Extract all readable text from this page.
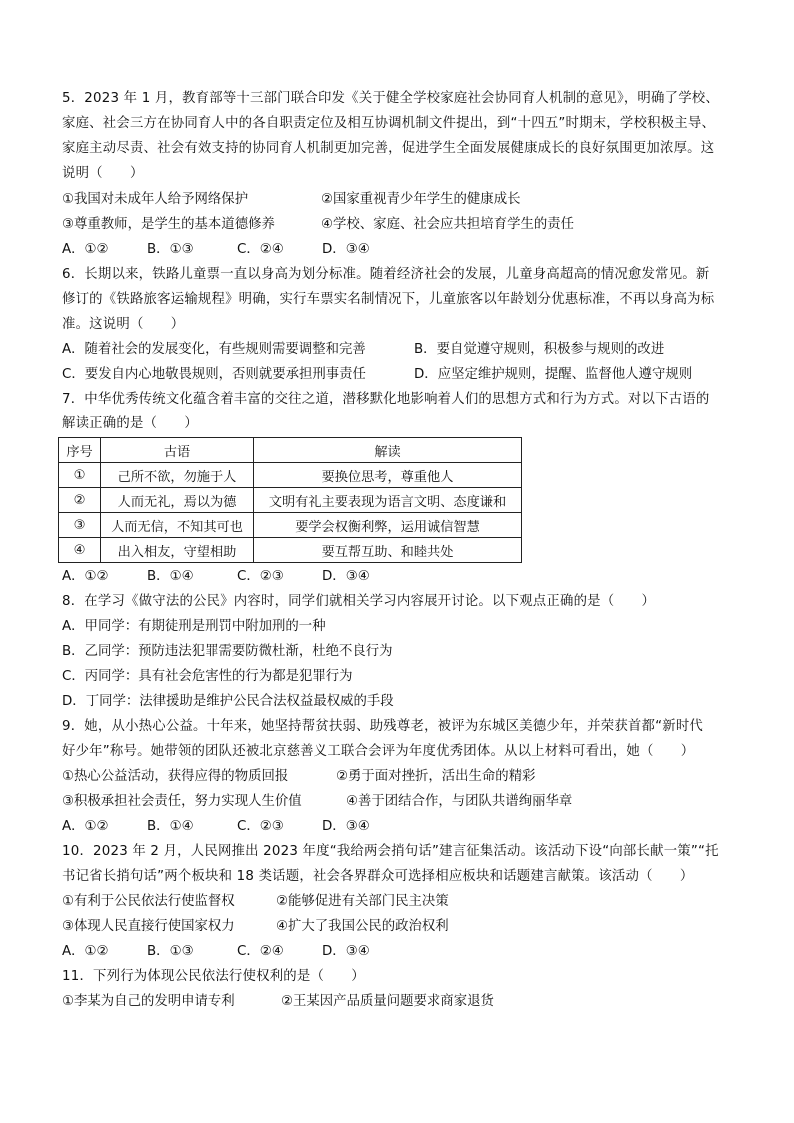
5．2023 年 1 月，教育部等十三部门联合印发《关于健全学校家庭社会协同育人机制的意见》，明确了学校、
家庭、社会三方在协同育人中的各自职责定位及相互协调机制文件提出，到“十四五”时期末，学校积极主导、
家庭主动尽责、社会有效支持的协同育人机制更加完善，促进学生全面发展健康成长的良好氛围更加浓厚。这
说明（　　）
①我国对未成年人给予网络保护	②国家重视青少年学生的健康成长
③尊重教师，是学生的基本道德修养	④学校、家庭、社会应共担培育学生的责任
A．①②	B．①③	C．②④	D．③④
6．长期以来，铁路儿童票一直以身高为划分标准。随着经济社会的发展，儿童身高超高的情况愈发常见。新
修订的《铁路旅客运输规程》明确，实行车票实名制情况下，儿童旅客以年龄划分优惠标准，不再以身高为标
准。这说明（　　）
A．随着社会的发展变化，有些规则需要调整和完善	B．要自觉遵守规则，积极参与规则的改进
C．要发自内心地敬畏规则，否则就要承担刑事责任	D．应坚定维护规则，提醒、监督他人遵守规则
7．中华优秀传统文化蕴含着丰富的交往之道，潜移默化地影响着人们的思想方式和行为方式。对以下古语的
解读正确的是（　　）
序号	古语	解读
①	己所不欲，勿施于人	要换位思考，尊重他人
②	人而无礼，焉以为德	文明有礼主要表现为语言文明、态度谦和
③	人而无信，不知其可也	要学会权衡利弊，运用诚信智慧
④	出入相友，守望相助	要互帮互助、和睦共处
A．①②	B．①④	C．②③	D．③④
8．在学习《做守法的公民》内容时，同学们就相关学习内容展开讨论。以下观点正确的是（　　）
A．甲同学：有期徒刑是刑罚中附加刑的一种
B．乙同学：预防违法犯罪需要防微杜渐，杜绝不良行为
C．丙同学：具有社会危害性的行为都是犯罪行为
D．丁同学：法律援助是维护公民合法权益最权威的手段
9．她，从小热心公益。十年来，她坚持帮贫扶弱、助残尊老，被评为东城区美德少年，并荣获首都“新时代
好少年”称号。她带领的团队还被北京慈善义工联合会评为年度优秀团体。从以上材料可看出，她（　　）
①热心公益活动，获得应得的物质回报	②勇于面对挫折，活出生命的精彩
③积极承担社会责任，努力实现人生价值	④善于团结合作，与团队共谱绚丽华章
A．①②	B．①④	C．②③	D．③④
10．2023 年 2 月，人民网推出 2023 年度“我给两会捎句话”建言征集活动。该活动下设“向部长献一策”“托
书记省长捎句话”两个板块和 18 类话题，社会各界群众可选择相应板块和话题建言献策。该活动（　　）
①有利于公民依法行使监督权	②能够促进有关部门民主决策
③体现人民直接行使国家权力	④扩大了我国公民的政治权利
A．①②	B．①③	C．②④	D．③④
11．下列行为体现公民依法行使权利的是（　　）
①李某为自己的发明申请专利	②王某因产品质量问题要求商家退货
